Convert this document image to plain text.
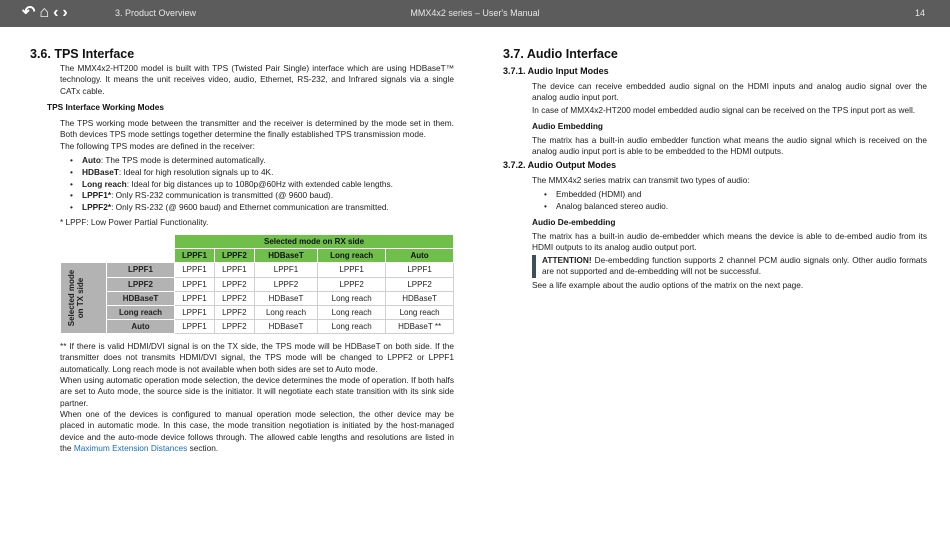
↶ ⌂ ‹ ›	MMX4x2 series – User's Manual
3. Product Overview	14
3.6. TPS Interface

The MMX4x2-HT200 model is built with TPS (Twisted Pair Single) interface which are using HDBaseT™ technology. It means the unit receives video, audio, Ethernet, RS-232, and Infrared signals via a single CATx cable.

TPS Interface Working Modes

The TPS working mode between the transmitter and the receiver is determined by the mode set in them. Both devices TPS mode settings together determine the finally established TPS transmission mode.

The following TPS modes are defined in the receiver:

• Auto: The TPS mode is determined automatically.
• HDBaseT: Ideal for high resolution signals up to 4K.
• Long reach: Ideal for big distances up to 1080p@60Hz with extended cable lengths.
• LPPF1*: Only RS-232 communication is transmitted (@ 9600 baud).
• LPPF2*: Only RS-232 (@ 9600 baud) and Ethernet communication are transmitted.

* LPPF: Low Power Partial Functionality.

		Selected mode on RX side				
		LPPF1	LPPF2	HDBaseT	Long reach	Auto

Selected mode on TX side	LPPF1	LPPF1	LPPF1	LPPF1	LPPF1	LPPF1
	LPPF2	LPPF1	LPPF2	LPPF2	LPPF2	LPPF2
	HDBaseT	LPPF1	LPPF2	HDBaseT	Long reach	HDBaseT
	Long reach	LPPF1	LPPF2	Long reach	Long reach	Long reach
	Auto	LPPF1	LPPF2	HDBaseT	Long reach	HDBaseT **

** If there is valid HDMI/DVI signal is on the TX side, the TPS mode will be HDBaseT on both side. If the transmitter does not transmits HDMI/DVI signal, the TPS mode will be changed to LPPF2 or LPPF1 automatically. Long reach mode is not available when both sides are set to Auto mode.

When using automatic operation mode selection, the device determines the mode of operation. If both halfs are set to Auto mode, the source side is the initiator. It will negotiate each state transition with its sink side partner.

When one of the devices is configured to manual operation mode selection, the other device may be placed in automatic mode. In this case, the mode transition negotiation is initiated by the host-managed device and the auto-mode device follows through. The allowed cable lengths and resolutions are listed in the Maximum Extension Distances section.

3.7. Audio Interface
3.7.1. Audio Input Modes

The device can receive embedded audio signal on the HDMI inputs and analog audio signal over the analog audio input port.

In case of MMX4x2-HT200 model embedded audio signal can be received on the TPS input port as well.

Audio Embedding

The matrix has a built-in audio embedder function what means the audio signal which is received on the analog audio input port is able to be embedded to the HDMI outputs.

3.7.2. Audio Output Modes

The MMX4x2 series matrix can transmit two types of audio:

• Embedded (HDMI) and
• Analog balanced stereo audio.
Audio De-embedding

The matrix has a built-in audio de-embedder which means the device is able to de-embed audio from its HDMI outputs to its analog audio output port.

ATTENTION! De-embedding function supports 2 channel PCM audio signals only. Other audio formats are not supported and de-embedding will not be successful.

See a life example about the audio options of the matrix on the next page.
